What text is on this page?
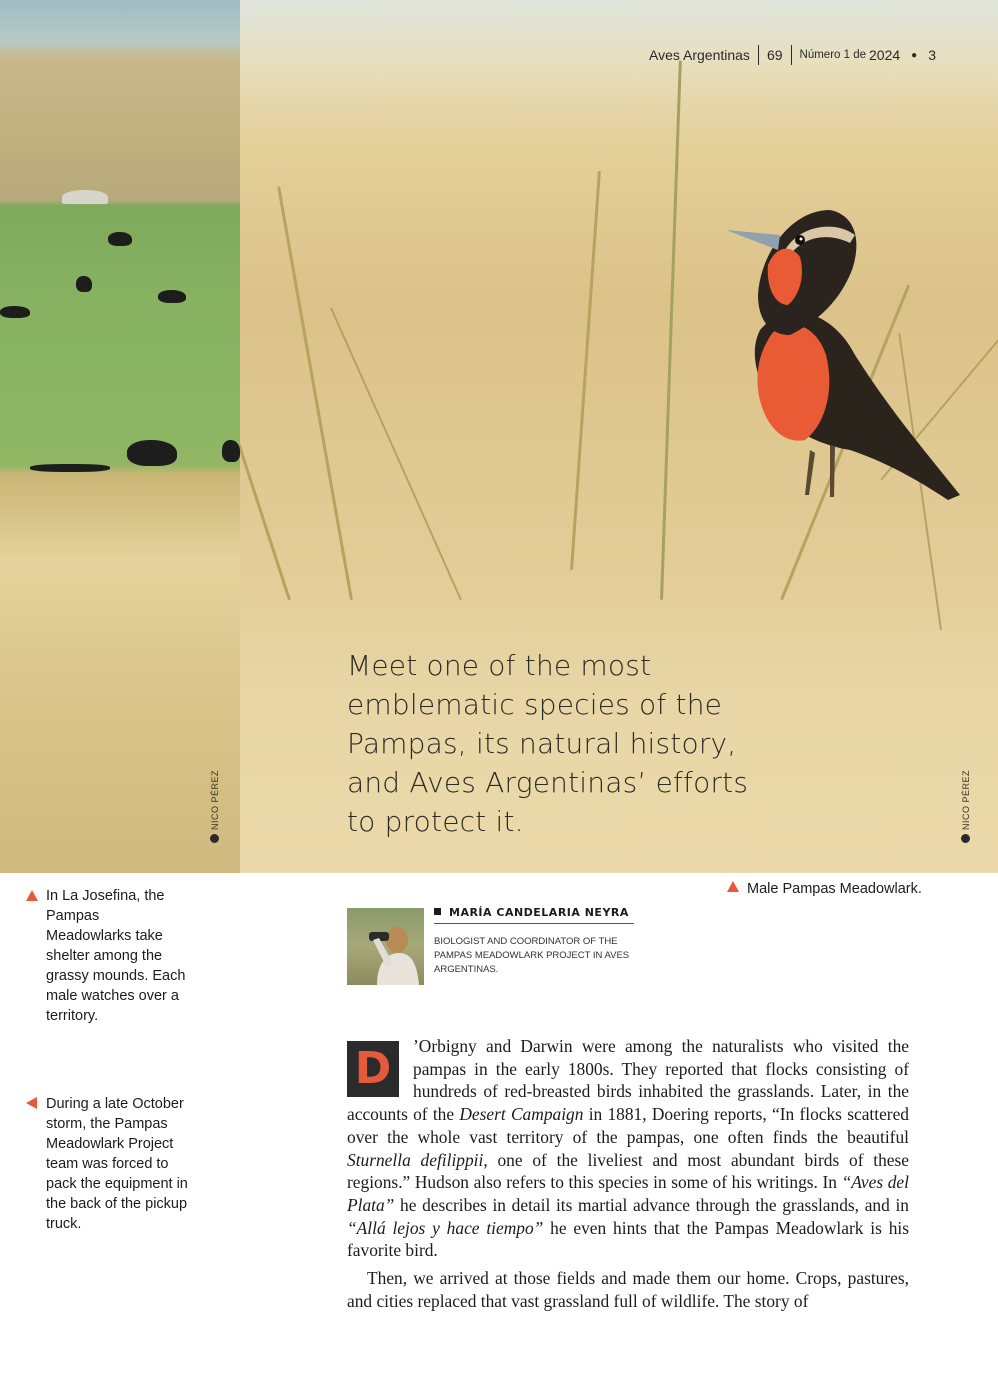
NICO PÉREZ	NICO PÉREZ
Aves Argentinas 69 Número 1 de 2024 ● 3
Meet one of the most emblematic species of the Pampas, its natural history, and Aves Argentinas’ efforts to protect it.
In La Josefina, the Pampas Meadowlarks take shelter among the grassy mounds. Each male watches over a territory.
During a late October storm, the Pampas Meadowlark Project team was forced to pack the equipment in the back of the pickup truck.
Male Pampas Meadowlark.
MARÍA CANDELARIA NEYRA
BIOLOGIST AND COORDINATOR OF THE PAMPAS MEADOWLARK PROJECT IN AVES ARGENTINAS.

D	’Orbigny and Darwin were among the naturalists who visited the pampas in the early 1800s. They reported that flocks consisting of hundreds of red-breasted birds inhabited the grasslands. Later, in the accounts of the Desert Campaign in 1881, Doering reports, “In flocks scattered over the whole vast territory of the pampas, one often finds the beautiful Sturnella defilippii, one of the liveliest and most abundant birds of these regions.” Hudson also refers to this species in some of his writings. In “Aves del Plata” he describes in detail its martial advance through the grasslands, and in “Allá lejos y hace tiempo” he even hints that the Pampas Meadowlark is his favorite bird.

Then, we arrived at those fields and made them our home. Crops, pastures, and cities replaced that vast grassland full of wildlife. The story of
